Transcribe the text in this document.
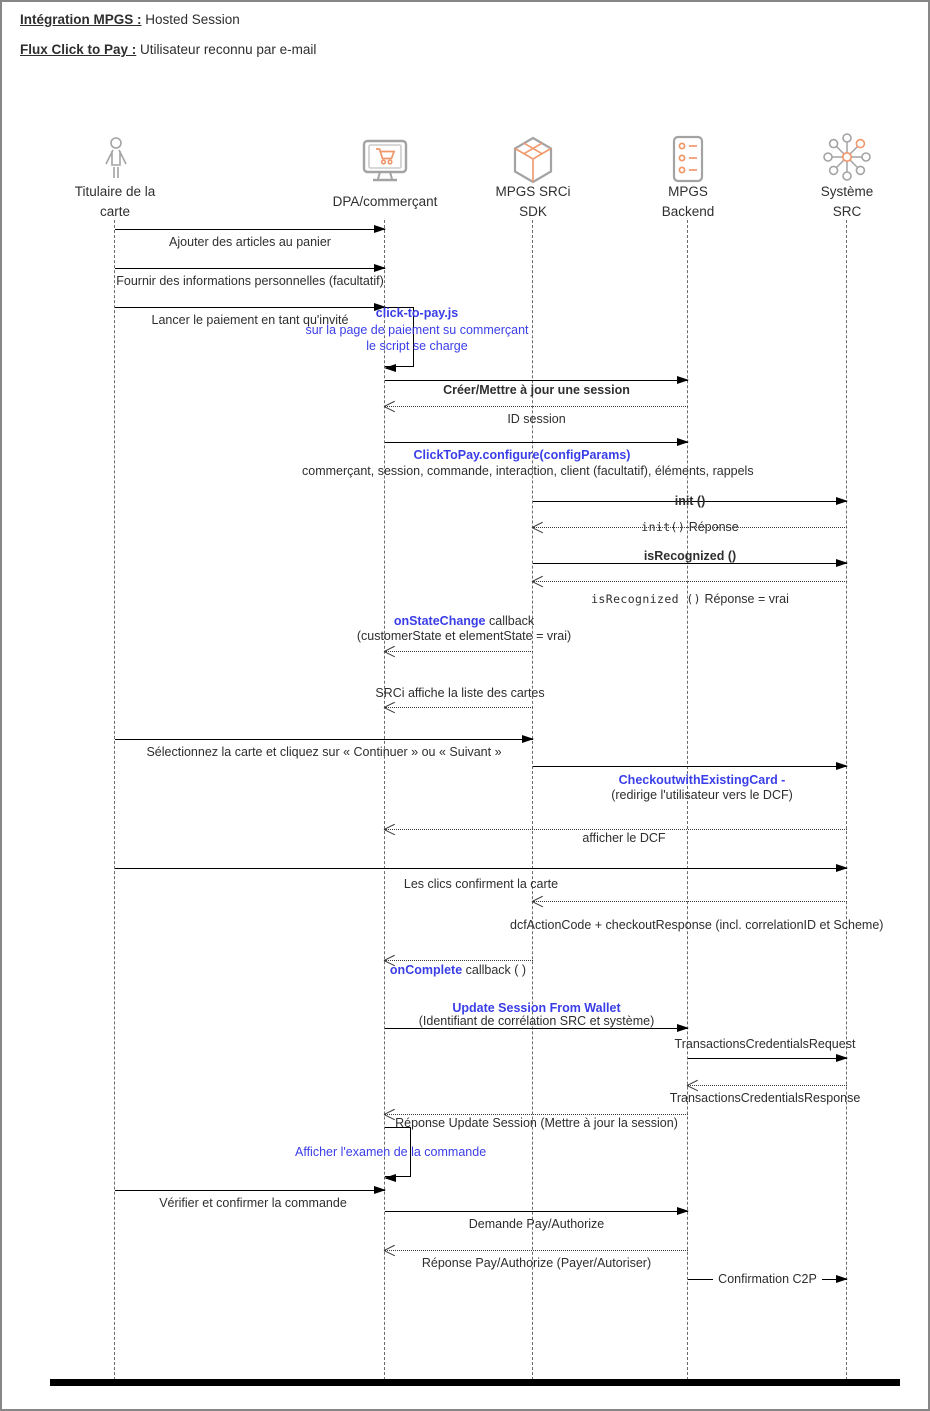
Intégration MPGS : Hosted Session
Flux Click to Pay : Utilisateur reconnu par e-mail
Titulaire de la
carte
DPA/commerçant
MPGS SRCi
SDK
MPGS
Backend
Système
SRC
Ajouter des articles au panier
Fournir des informations personnelles (facultatif)
Lancer le paiement en tant qu'invité	click-to-pay.js
sur la page de paiement su commerçant
le script se charge
Créer/Mettre à jour une session
ID session
ClickToPay.configure(configParams)
commerçant, session, commande, interaction, client (facultatif), éléments, rappels
init ()
init() Réponse
isRecognized ()
isRecognized () Réponse = vrai
onStateChange callback
(customerState et elementState = vrai)
SRCi affiche la liste des cartes
Sélectionnez la carte et cliquez sur « Continuer » ou « Suivant »
CheckoutwithExistingCard -
(redirige l'utilisateur vers le DCF)
afficher le DCF
Les clics confirment la carte
dcfActionCode + checkoutResponse (incl. correlationID et Scheme)
onComplete callback ( )
Update Session From Wallet
(Identifiant de corrélation SRC et système)
TransactionsCredentialsRequest
TransactionsCredentialsResponse
Réponse Update Session (Mettre à jour la session)
Afficher l'examen de la commande
Vérifier et confirmer la commande
Demande Pay/Authorize
Réponse Pay/Authorize (Payer/Autoriser)
Confirmation C2P
